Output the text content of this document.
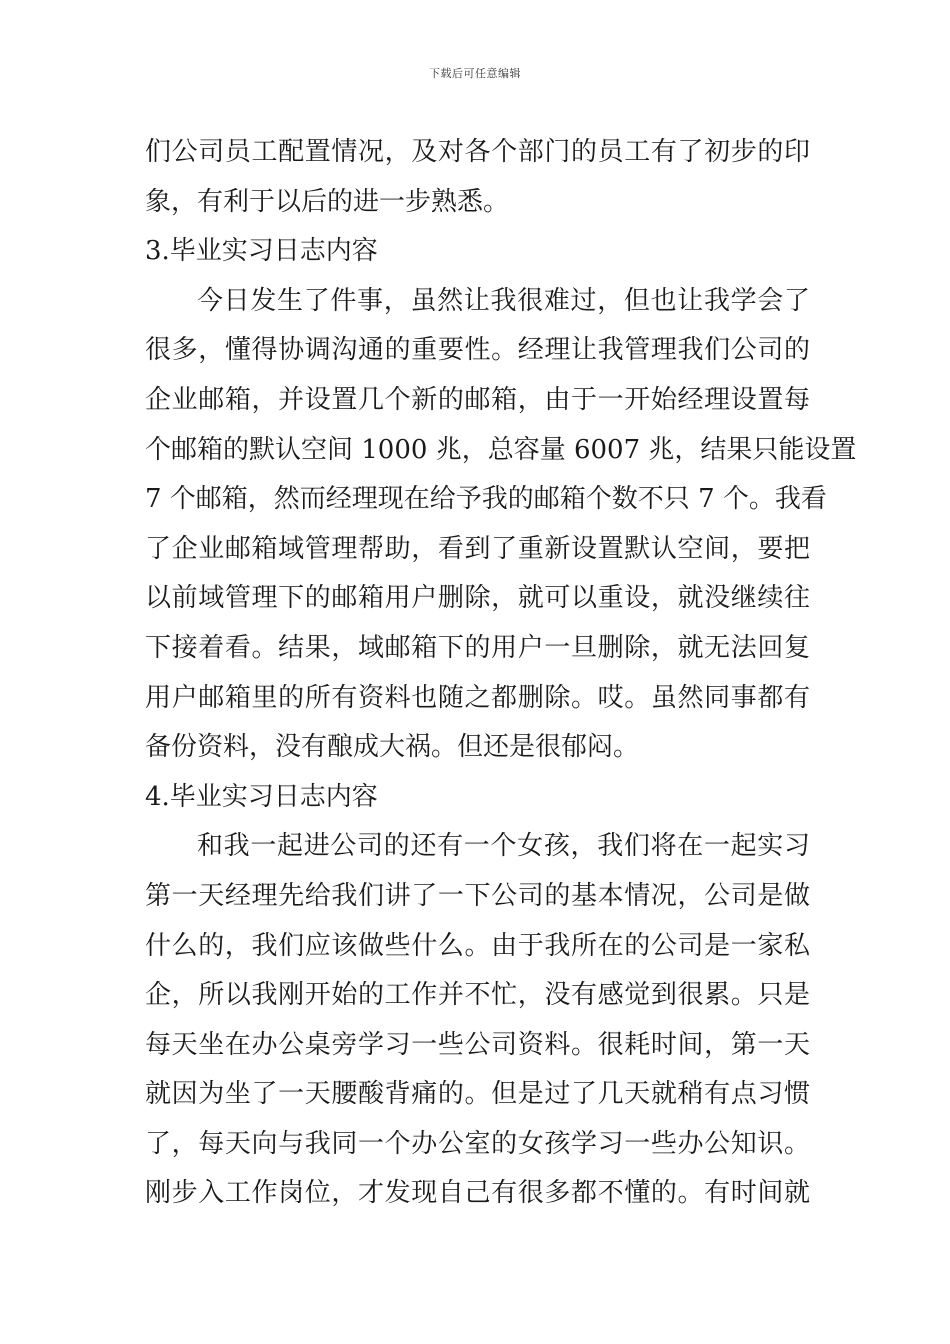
下载后可任意编辑
们公司员工配置情况，及对各个部门的员工有了初步的印
象，有利于以后的进一步熟悉。
3.毕业实习日志内容
今日发生了件事，虽然让我很难过，但也让我学会了
很多，懂得协调沟通的重要性。经理让我管理我们公司的
企业邮箱，并设置几个新的邮箱，由于一开始经理设置每
个邮箱的默认空间 1000 兆，总容量 6007 兆，结果只能设置
7 个邮箱，然而经理现在给予我的邮箱个数不只 7 个。我看
了企业邮箱域管理帮助，看到了重新设置默认空间，要把
以前域管理下的邮箱用户删除，就可以重设，就没继续往
下接着看。结果，域邮箱下的用户一旦删除，就无法回复
用户邮箱里的所有资料也随之都删除。哎。虽然同事都有
备份资料，没有酿成大祸。但还是很郁闷。
4.毕业实习日志内容
和我一起进公司的还有一个女孩，我们将在一起实习
第一天经理先给我们讲了一下公司的基本情况，公司是做
什么的，我们应该做些什么。由于我所在的公司是一家私
企，所以我刚开始的工作并不忙，没有感觉到很累。只是
每天坐在办公桌旁学习一些公司资料。很耗时间，第一天
就因为坐了一天腰酸背痛的。但是过了几天就稍有点习惯
了，每天向与我同一个办公室的女孩学习一些办公知识。
刚步入工作岗位，才发现自己有很多都不懂的。有时间就
